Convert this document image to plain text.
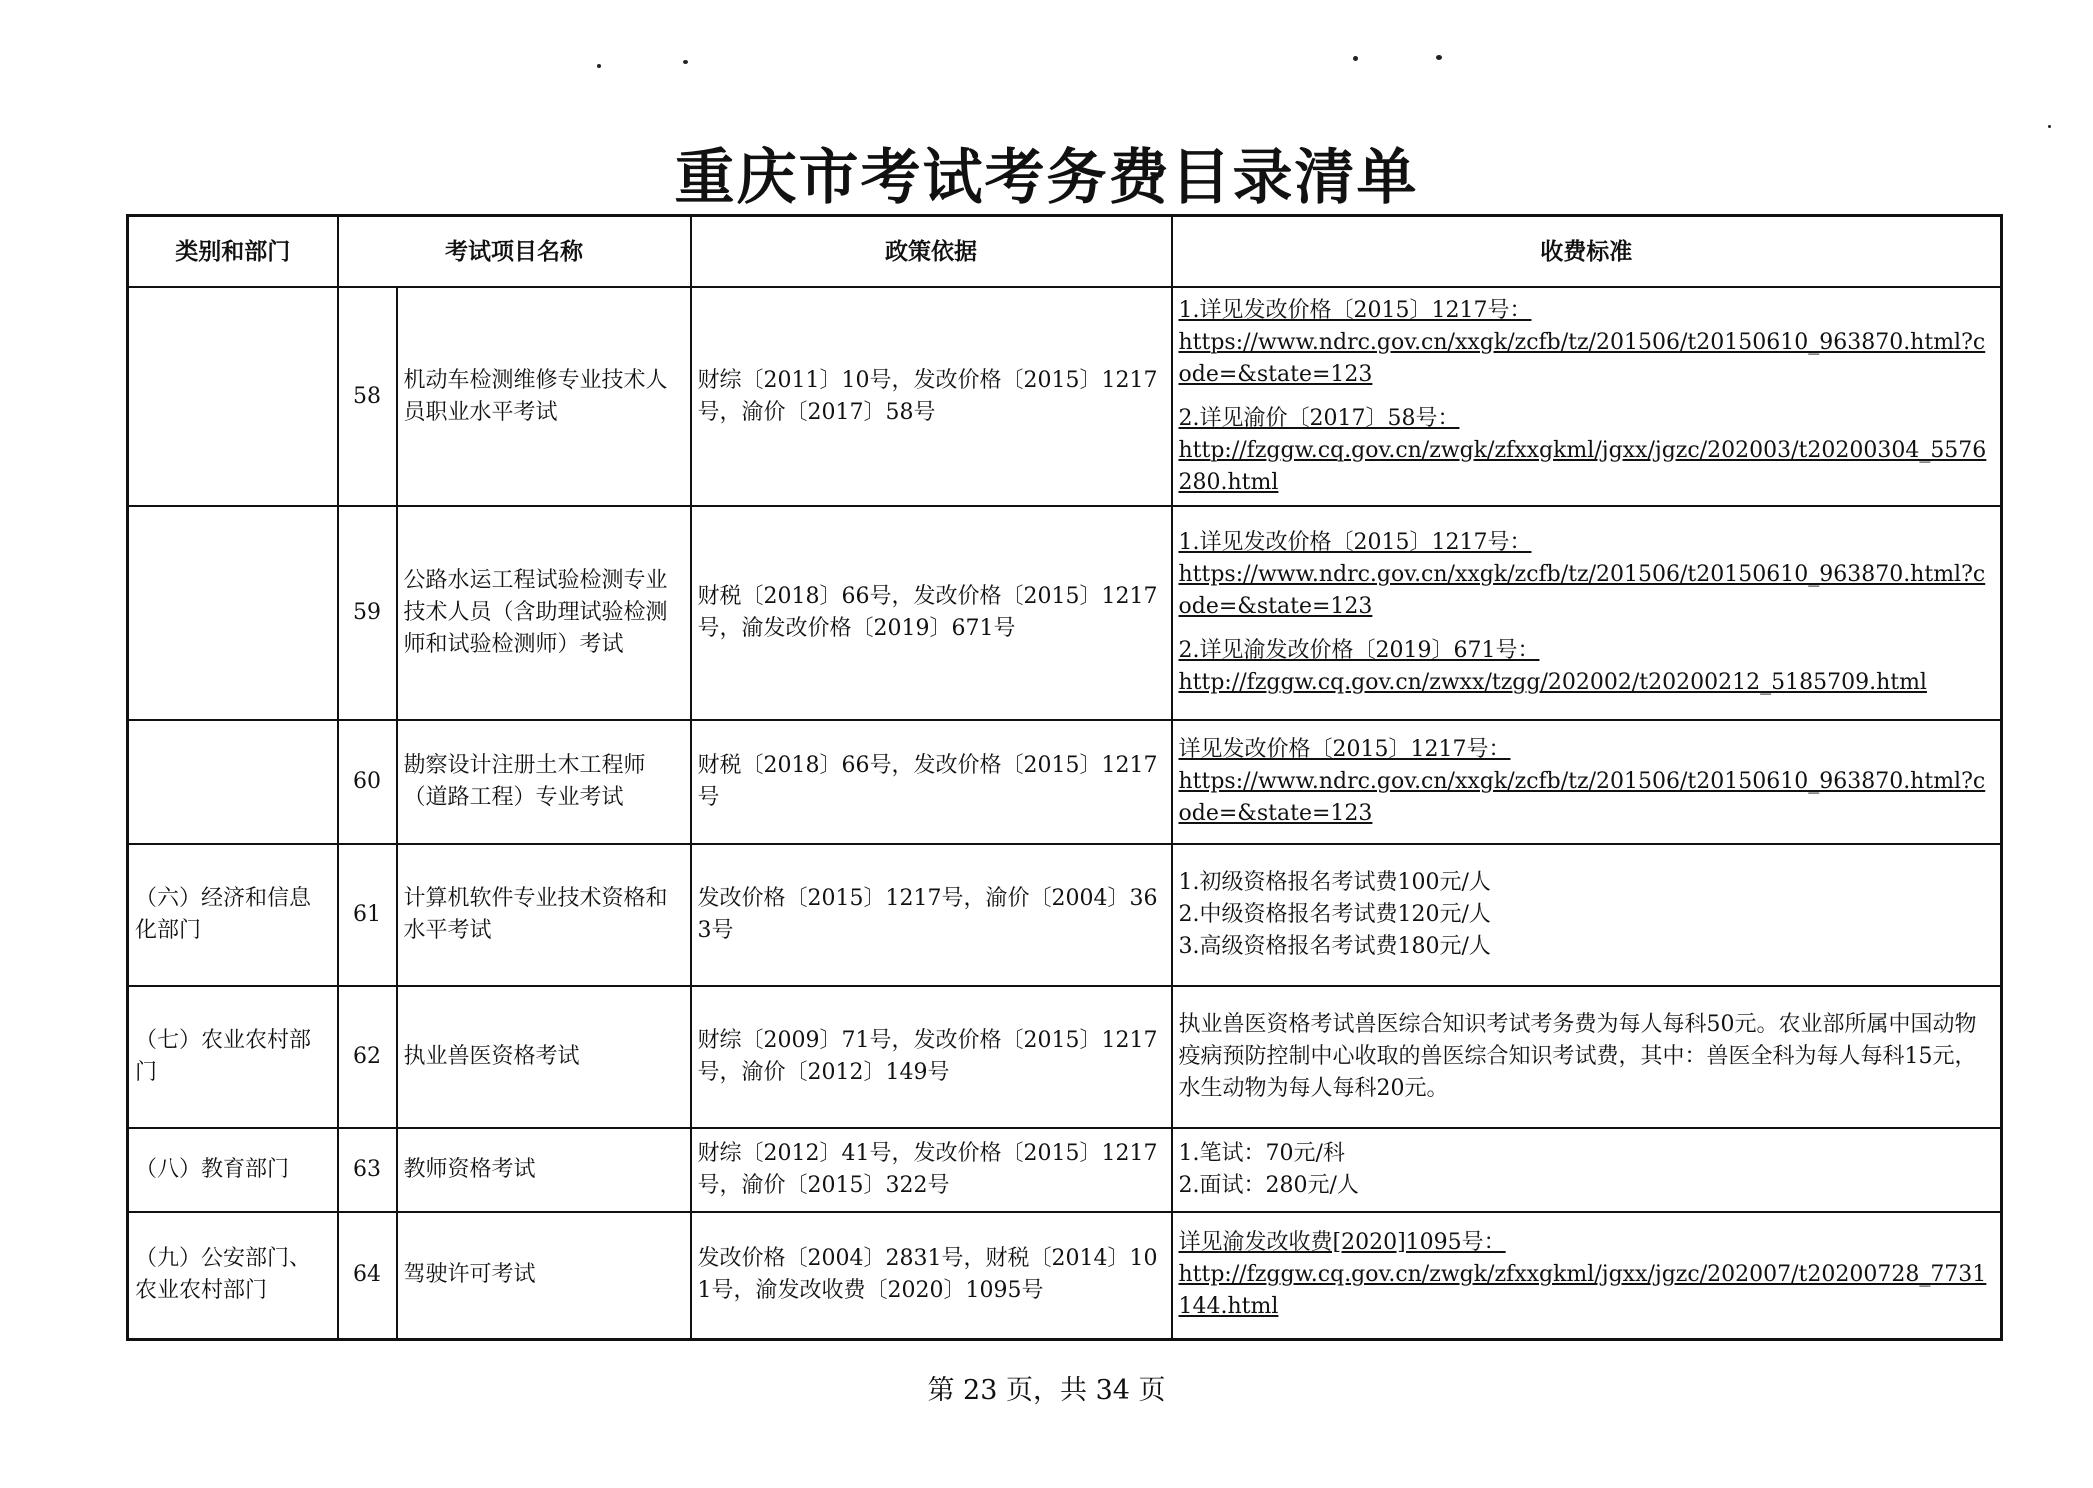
重庆市考试考务费目录清单
类别和部门	考试项目名称		政策依据	收费标准
	58	机动车检测维修专业技术人员职业水平考试	财综〔2011〕10号，发改价格〔2015〕1217号，渝价〔2017〕58号	1.详见发改价格〔2015〕1217号：
https://www.ndrc.gov.cn/xxgk/zcfb/tz/201506/t20150610_963870.html?code=&state=123
2.详见渝价〔2017〕58号：
http://fzggw.cq.gov.cn/zwgk/zfxxgkml/jgxx/jgzc/202003/t20200304_5576280.html

	59	公路水运工程试验检测专业技术人员（含助理试验检测师和试验检测师）考试	财税〔2018〕66号，发改价格〔2015〕1217号，渝发改价格〔2019〕671号	1.详见发改价格〔2015〕1217号：
https://www.ndrc.gov.cn/xxgk/zcfb/tz/201506/t20150610_963870.html?code=&state=123
2.详见渝发改价格〔2019〕671号：
http://fzggw.cq.gov.cn/zwxx/tzgg/202002/t20200212_5185709.html

	60	勘察设计注册土木工程师（道路工程）专业考试	财税〔2018〕66号，发改价格〔2015〕1217号	详见发改价格〔2015〕1217号：
https://www.ndrc.gov.cn/xxgk/zcfb/tz/201506/t20150610_963870.html?code=&state=123

（六）经济和信息化部门	61	计算机软件专业技术资格和水平考试	发改价格〔2015〕1217号，渝价〔2004〕363号	1.初级资格报名考试费100元/人
2.中级资格报名考试费120元/人
3.高级资格报名考试费180元/人

（七）农业农村部门	62	执业兽医资格考试	财综〔2009〕71号，发改价格〔2015〕1217号，渝价〔2012〕149号	执业兽医资格考试兽医综合知识考试考务费为每人每科50元。农业部所属中国动物疫病预防控制中心收取的兽医综合知识考试费，其中：兽医全科为每人每科15元，水生动物为每人每科20元。

（八）教育部门	63	教师资格考试	财综〔2012〕41号，发改价格〔2015〕1217号，渝价〔2015〕322号	1.笔试：70元/科
2.面试：280元/人

（九）公安部门、农业农村部门	64	驾驶许可考试	发改价格〔2004〕2831号，财税〔2014〕101号，渝发改收费〔2020〕1095号	详见渝发改收费[2020]1095号：
http://fzggw.cq.gov.cn/zwgk/zfxxgkml/jgxx/jgzc/202007/t20200728_7731144.html
第 23 页，共 34 页
